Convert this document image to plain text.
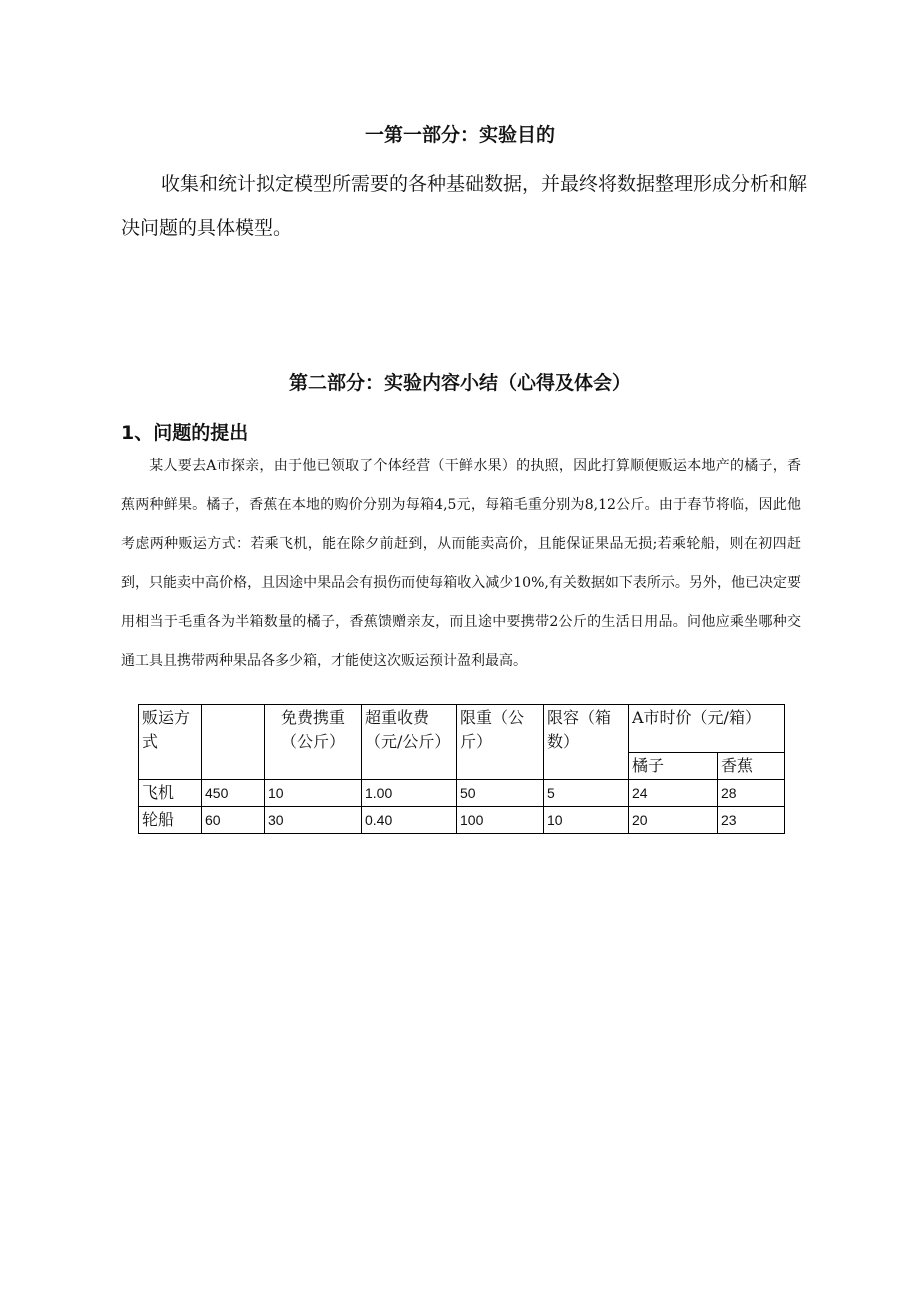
一第一部分：实验目的
收集和统计拟定模型所需要的各种基础数据，并最终将数据整理形成分析和解决问题的具体模型。
第二部分：实验内容小结（心得及体会）
1、问题的提出
某人要去A市探亲，由于他已领取了个体经营（干鲜水果）的执照，因此打算顺便贩运本地产的橘子，香蕉两种鲜果。橘子，香蕉在本地的购价分别为每箱4,5元，每箱毛重分别为8,12公斤。由于春节将临，因此他考虑两种贩运方式：若乘飞机，能在除夕前赶到，从而能卖高价，且能保证果品无损;若乘轮船，则在初四赶到，只能卖中高价格，且因途中果品会有损伤而使每箱收入减少10%,有关数据如下表所示。另外，他已决定要用相当于毛重各为半箱数量的橘子，香蕉馈赠亲友，而且途中要携带2公斤的生活日用品。问他应乘坐哪种交通工具且携带两种果品各多少箱，才能使这次贩运预计盈利最高。
贩运方式		免费携重（公斤）	超重收费（元/公斤）	限重（公斤）	限容（箱数）	A市时价（元/箱）	
						橘子	香蕉
飞机	450	10	1.00	50	5	24	28
轮船	60	30	0.40	100	10	20	23
